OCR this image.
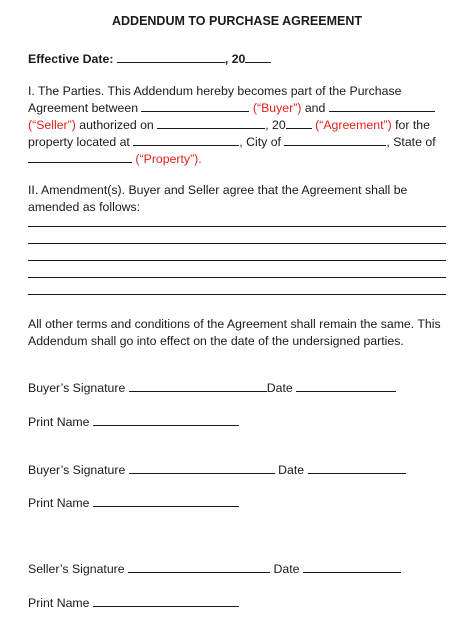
ADDENDUM TO PURCHASE AGREEMENT
Effective Date:	, 20
I. The Parties. This Addendum hereby becomes part of the Purchase
Agreement between	(“Buyer”) and
(“Seller”) authorized on	, 20 (“Agreement”) for the
property located at	, City of	, State of
(“Property”).
II. Amendment(s). Buyer and Seller agree that the Agreement shall be
amended as follows:
All other terms and conditions of the Agreement shall remain the same. This
Addendum shall go into effect on the date of the undersigned parties.
Buyer’s Signature	Date
Print Name
Buyer’s Signature	Date
Print Name
Seller’s Signature	Date
Print Name
